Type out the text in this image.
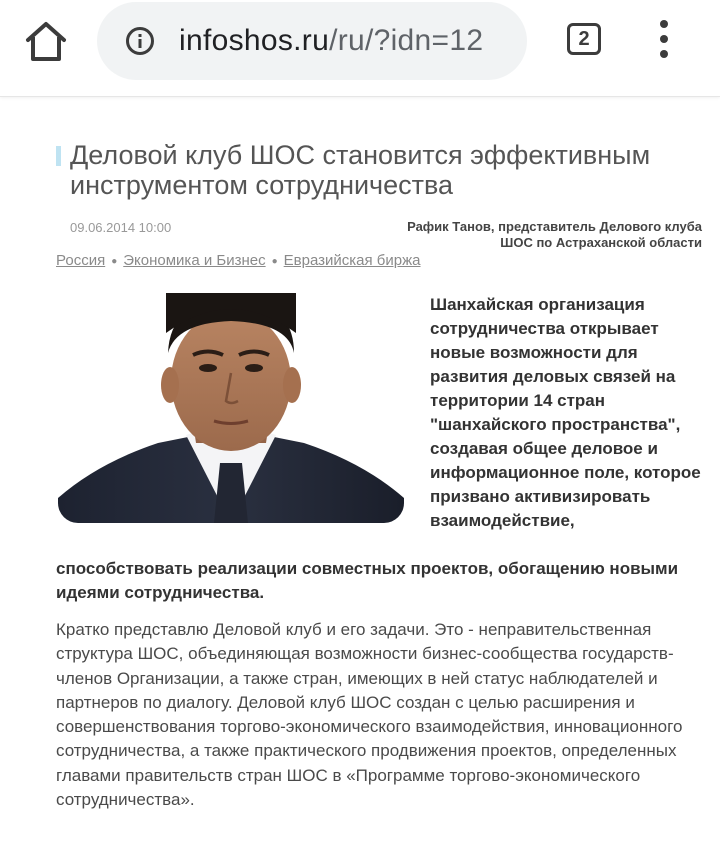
infoshos.ru/ru/?idn=12	2
Деловой клуб ШОС становится эффективным инструментом сотрудничества
09.06.2014 10:00	Рафик Танов, представитель Делового клуба ШОС по Астраханской области
Россия ● Экономика и Бизнес ● Евразийская биржа
Шанхайская организация сотрудничества открывает новые возможности для развития деловых связей на территории 14 стран "шанхайского пространства", создавая общее деловое и информационное поле, которое призвано активизировать взаимодействие,
способствовать реализации совместных проектов, обогащению новыми идеями сотрудничества.
Кратко представлю Деловой клуб и его задачи. Это - неправительственная структура ШОС, объединяющая возможности бизнес-сообщества государств-членов Организации, а также стран, имеющих в ней статус наблюдателей и партнеров по диалогу. Деловой клуб ШОС создан с целью расширения и совершенствования торгово-экономического взаимодействия, инновационного сотрудничества, а также практического продвижения проектов, определенных главами правительств стран ШОС в «Программе торгово-экономического сотрудничества».
